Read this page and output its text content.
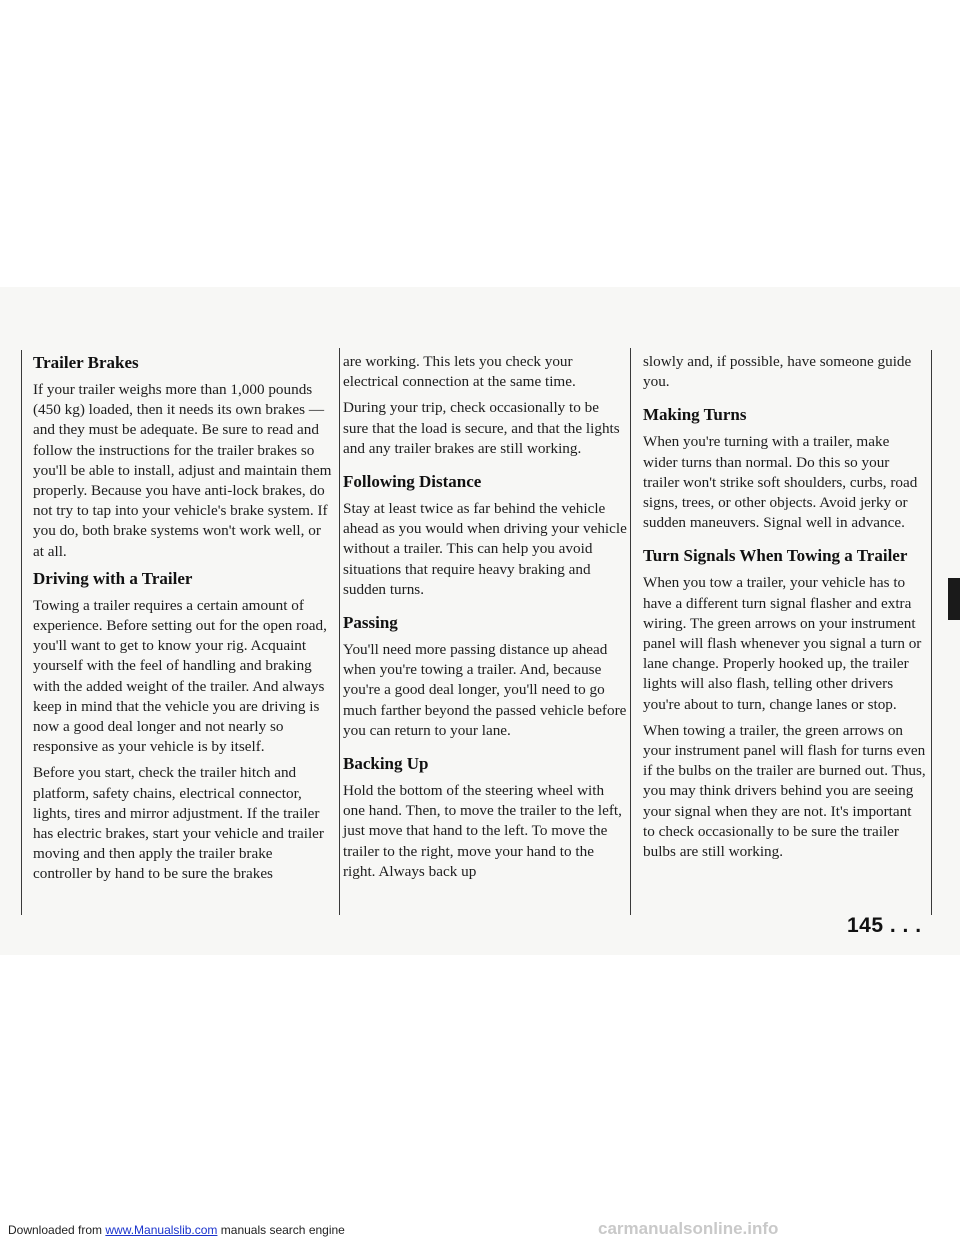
Trailer Brakes

If your trailer weighs more than 1,000 pounds (450 kg) loaded, then it needs its own brakes — and they must be adequate. Be sure to read and follow the instructions for the trailer brakes so you'll be able to install, adjust and maintain them properly. Because you have anti-lock brakes, do not try to tap into your vehicle's brake system. If you do, both brake systems won't work well, or at all.

Driving with a Trailer

Towing a trailer requires a certain amount of experience. Before setting out for the open road, you'll want to get to know your rig. Acquaint yourself with the feel of handling and braking with the added weight of the trailer. And always keep in mind that the vehicle you are driving is now a good deal longer and not nearly so responsive as your vehicle is by itself.

Before you start, check the trailer hitch and platform, safety chains, electrical connector, lights, tires and mirror adjustment. If the trailer has electric brakes, start your vehicle and trailer moving and then apply the trailer brake controller by hand to be sure the brakes

are working. This lets you check your electrical connection at the same time.

During your trip, check occasionally to be sure that the load is secure, and that the lights and any trailer brakes are still working.

Following Distance

Stay at least twice as far behind the vehicle ahead as you would when driving your vehicle without a trailer. This can help you avoid situations that require heavy braking and sudden turns.

Passing

You'll need more passing distance up ahead when you're towing a trailer. And, because you're a good deal longer, you'll need to go much farther beyond the passed vehicle before you can return to your lane.

Backing Up

Hold the bottom of the steering wheel with one hand. Then, to move the trailer to the left, just move that hand to the left. To move the trailer to the right, move your hand to the right. Always back up

slowly and, if possible, have someone guide you.

Making Turns

When you're turning with a trailer, make wider turns than normal. Do this so your trailer won't strike soft shoulders, curbs, road signs, trees, or other objects. Avoid jerky or sudden maneuvers. Signal well in advance.

Turn Signals When Towing a Trailer

When you tow a trailer, your vehicle has to have a different turn signal flasher and extra wiring. The green arrows on your instrument panel will flash whenever you signal a turn or lane change. Properly hooked up, the trailer lights will also flash, telling other drivers you're about to turn, change lanes or stop.

When towing a trailer, the green arrows on your instrument panel will flash for turns even if the bulbs on the trailer are burned out. Thus, you may think drivers behind you are seeing your signal when they are not. It's important to check occasionally to be sure the trailer bulbs are still working.

145 . . .
Downloaded from www.Manualslib.com manuals search engine	carmanualsonline.info
